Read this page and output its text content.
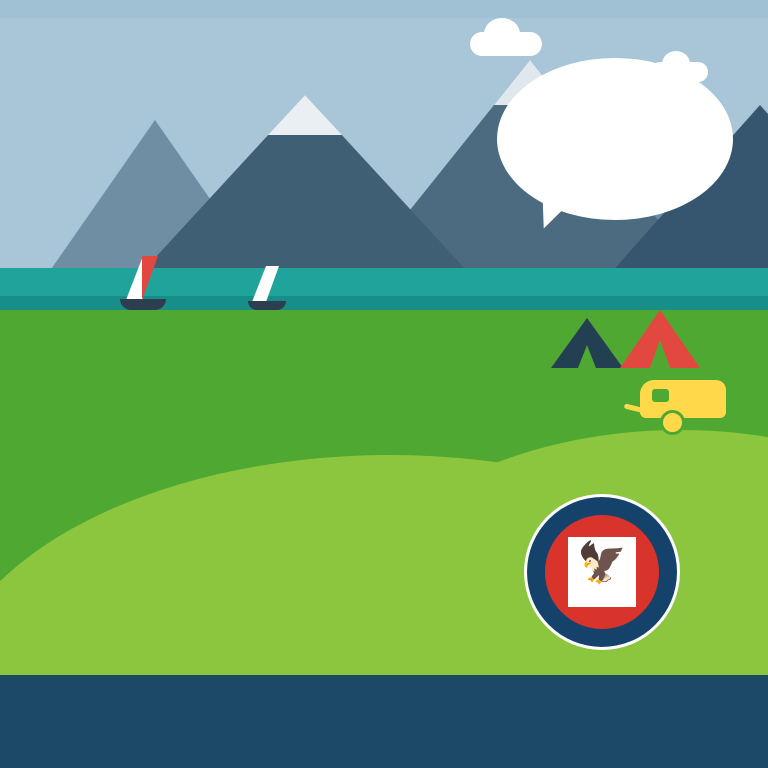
🦅
